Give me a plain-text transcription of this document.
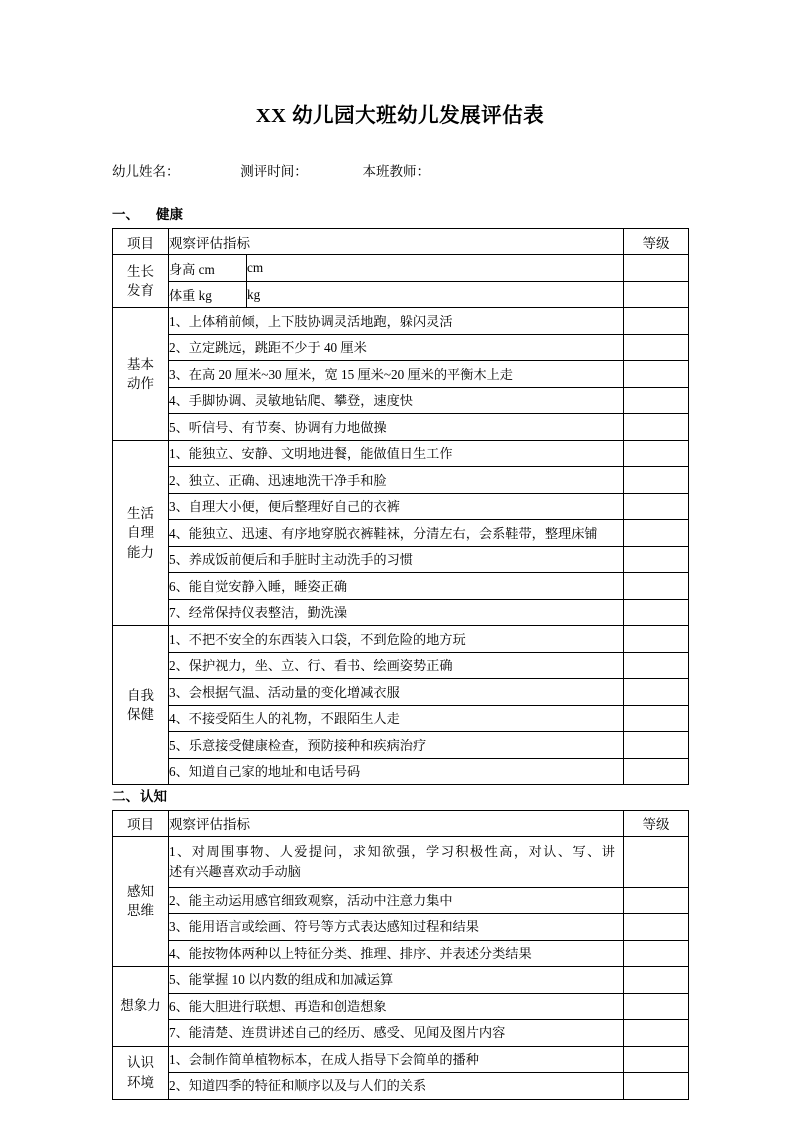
XX 幼儿园大班幼儿发展评估表
幼儿姓名：	测评时间：	本班教师：
一、 健康
项目	观察评估指标	等级
生长
发育	
身高 cm	cm

体重 kg	kg

基本
动作	1、上体稍前倾，上下肢协调灵活地跑，躲闪灵活	
2、立定跳远，跳距不少于 40 厘米	
3、在高 20 厘米~30 厘米，宽 15 厘米~20 厘米的平衡木上走	
4、手脚协调、灵敏地钻爬、攀登，速度快	
5、听信号、有节奏、协调有力地做操	
生活
自理
能力	1、能独立、安静、文明地进餐，能做值日生工作	
2、独立、正确、迅速地洗干净手和脸	
3、自理大小便，便后整理好自己的衣裤	
4、能独立、迅速、有序地穿脱衣裤鞋袜，分清左右，会系鞋带，整理床铺	
5、养成饭前便后和手脏时主动洗手的习惯	
6、能自觉安静入睡，睡姿正确	
7、经常保持仪表整洁，勤洗澡	
自我
保健	1、不把不安全的东西装入口袋，不到危险的地方玩	
2、保护视力，坐、立、行、看书、绘画姿势正确	
3、会根据气温、活动量的变化增减衣服	
4、不接受陌生人的礼物，不跟陌生人走	
5、乐意接受健康检查，预防接种和疾病治疗	
6、知道自己家的地址和电话号码	
二、认知
项目	观察评估指标	等级
感知
思维	1、对周围事物、人爱提问，求知欲强，学习积极性高，对认、写、讲
述有兴趣喜欢动手动脑	

	2、能主动运用感官细致观察，活动中注意力集中	
	3、能用语言或绘画、符号等方式表达感知过程和结果	
	4、能按物体两种以上特征分类、推理、排序、并表述分类结果	
想象力	5、能掌握 10 以内数的组成和加减运算	
	6、能大胆进行联想、再造和创造想象	
	7、能清楚、连贯讲述自己的经历、感受、见闻及图片内容	
认识
环境	1、会制作简单植物标本，在成人指导下会简单的播种	
	2、知道四季的特征和顺序以及与人们的关系	
